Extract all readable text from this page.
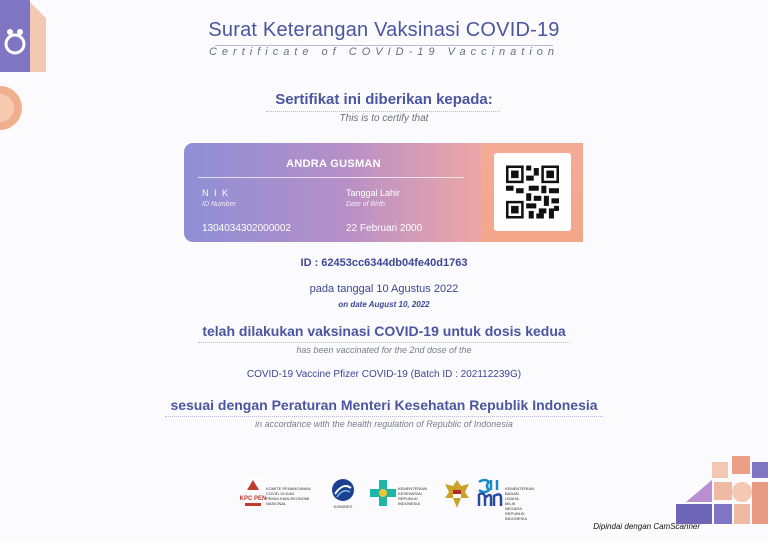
Surat Keterangan Vaksinasi COVID-19
Certificate of COVID-19 Vaccination
Sertifikat ini diberikan kepada:
This is to certify that
ANDRA GUSMAN
N I K
ID Number
1304034302000002
Tanggal Lahir
Date of Birth
22 Februari 2000
ID : 62453cc6344db04fe40d1763
pada tanggal 10 Agustus 2022
on date August 10, 2022
telah dilakukan vaksinasi COVID-19 untuk dosis kedua
has been vaccinated for the 2nd dose of the
COVID-19 Vaccine Pfizer COVID-19 (Batch ID : 202112239G)
sesuai dengan Peraturan Menteri Kesehatan Republik Indonesia
in accordance with the health regulation of Republic of Indonesia
KPC PEN
KOMITE PENANGANAN COVID-19 DAN PEMULIHAN EKONOMI NASIONAL
KOMINFO
KEMENTERIAN KESEHATAN REPUBLIK INDONESIA
KEMENTERIAN BADAN USAHA MILIK NEGARA REPUBLIK INDONESIA
Dipindai dengan CamScanner
